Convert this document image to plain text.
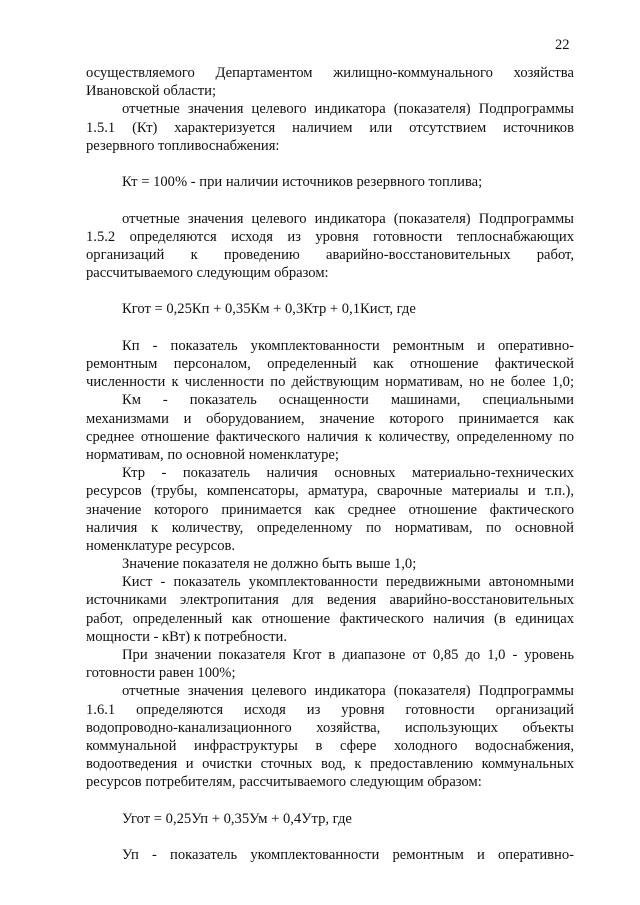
22
осуществляемого Департаментом жилищно-коммунального хозяйства
Ивановской области;
отчетные значения целевого индикатора (показателя) Подпрограммы
1.5.1 (Кт) характеризуется наличием или отсутствием источников
резервного топливоснабжения:
Кт = 100% - при наличии источников резервного топлива;
отчетные значения целевого индикатора (показателя) Подпрограммы
1.5.2 определяются исходя из уровня готовности теплоснабжающих
организаций к проведению аварийно-восстановительных работ,
рассчитываемого следующим образом:
Кгот = 0,25Кп + 0,35Км + 0,3Ктр + 0,1Кист, где
Кп - показатель укомплектованности ремонтным и оперативно-
ремонтным персоналом, определенный как отношение фактической
численности к численности по действующим нормативам, но не более 1,0;
Км - показатель оснащенности машинами, специальными
механизмами и оборудованием, значение которого принимается как
среднее отношение фактического наличия к количеству, определенному по
нормативам, по основной номенклатуре;
Ктр - показатель наличия основных материально-технических
ресурсов (трубы, компенсаторы, арматура, сварочные материалы и т.п.),
значение которого принимается как среднее отношение фактического
наличия к количеству, определенному по нормативам, по основной
номенклатуре ресурсов.
Значение показателя не должно быть выше 1,0;
Кист - показатель укомплектованности передвижными автономными
источниками электропитания для ведения аварийно-восстановительных
работ, определенный как отношение фактического наличия (в единицах
мощности - кВт) к потребности.
При значении показателя Кгот в диапазоне от 0,85 до 1,0 - уровень
готовности равен 100%;
отчетные значения целевого индикатора (показателя) Подпрограммы
1.6.1 определяются исходя из уровня готовности организаций
водопроводно-канализационного хозяйства, использующих объекты
коммунальной инфраструктуры в сфере холодного водоснабжения,
водоотведения и очистки сточных вод, к предоставлению коммунальных
ресурсов потребителям, рассчитываемого следующим образом:
Угот = 0,25Уп + 0,35Ум + 0,4Утр, где
Уп - показатель укомплектованности ремонтным и оперативно-
